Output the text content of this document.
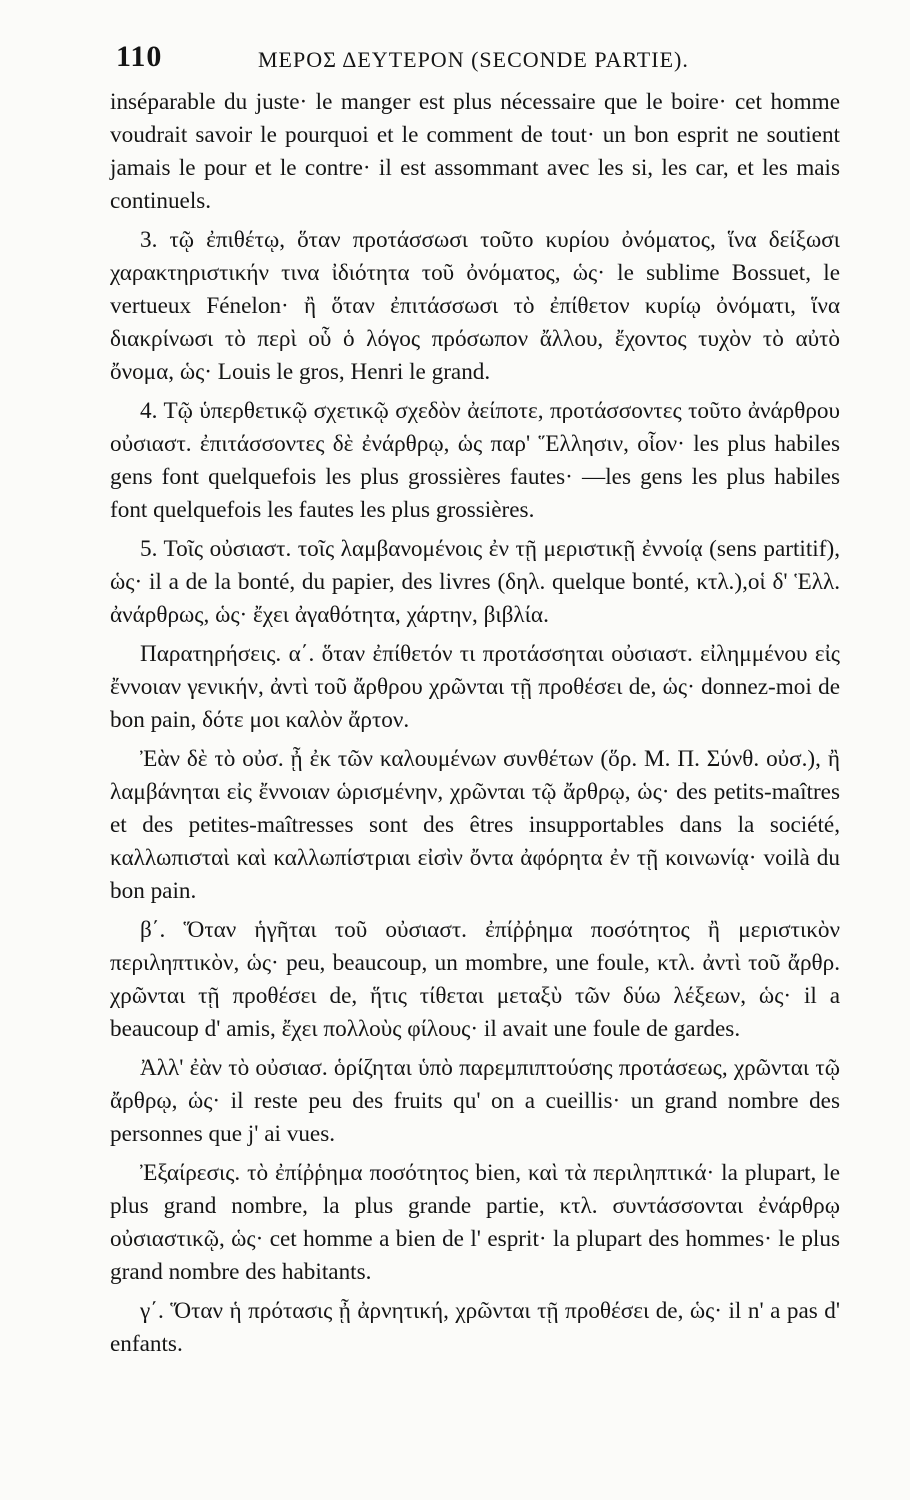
110	ΜΕΡΟΣ ΔΕΥΤΕΡΟΝ (SECONDE PARTIE).

inséparable du juste· le manger est plus nécessaire que le boire· cet homme voudrait savoir le pourquoi et le comment de tout· un bon esprit ne soutient jamais le pour et le contre· il est assommant avec les si, les car, et les mais continuels.

3. τῷ ἐπιθέτῳ, ὅταν προτάσσωσι τοῦτο κυρίου ὀνόματος, ἵνα δείξωσι χαρακτηριστικήν τινα ἰδιότητα τοῦ ὀνόματος, ὡς· le sublime Bossuet, le vertueux Fénelon· ἢ ὅταν ἐπιτάσσωσι τὸ ἐπίθετον κυρίῳ ὀνόματι, ἵνα διακρίνωσι τὸ περὶ οὗ ὁ λόγος πρόσωπον ἄλλου, ἔχοντος τυχὸν τὸ αὐτὸ ὄνομα, ὡς· Louis le gros, Henri le grand.

4. Τῷ ὑπερθετικῷ σχετικῷ σχεδὸν ἀείποτε, προτάσσοντες τοῦτο ἀνάρθρου οὐσιαστ. ἐπιτάσσοντες δὲ ἐνάρθρῳ, ὡς παρ' Ἕλλησιν, οἷον· les plus habiles gens font quelquefois les plus grossières fautes· —les gens les plus habiles font quelquefois les fautes les plus grossières.

5. Τοῖς οὐσιαστ. τοῖς λαμβανομένοις ἐν τῇ μεριστικῇ ἐννοίᾳ (sens partitif), ὡς· il a de la bonté, du papier, des livres (δηλ. quelque bonté, κτλ.),οἱ δ' Ἑλλ. ἀνάρθρως, ὡς· ἔχει ἀγαθότητα, χάρτην, βιβλία.

Παρατηρήσεις. α΄. ὅταν ἐπίθετόν τι προτάσσηται οὐσιαστ. εἰλημμένου εἰς ἔννοιαν γενικήν, ἀντὶ τοῦ ἄρθρου χρῶνται τῇ προθέσει de, ὡς· donnez-moi de bon pain, δότε μοι καλὸν ἄρτον.

Ἐὰν δὲ τὸ οὐσ. ᾖ ἐκ τῶν καλουμένων συνθέτων (ὅρ. Μ. Π. Σύνθ. οὐσ.), ἢ λαμβάνηται εἰς ἔννοιαν ὡρισμένην, χρῶνται τῷ ἄρθρῳ, ὡς· des petits-maîtres et des petites-maîtresses sont des êtres insupportables dans la société, καλλωπισταὶ καὶ καλλωπίστριαι εἰσὶν ὄντα ἀφόρητα ἐν τῇ κοινωνίᾳ· voilà du bon pain.

β΄. Ὅταν ἡγῆται τοῦ οὐσιαστ. ἐπίῤῥημα ποσότητος ἢ μεριστικὸν περιληπτικὸν, ὡς· peu, beaucoup, un mombre, une foule, κτλ. ἀντὶ τοῦ ἄρθρ. χρῶνται τῇ προθέσει de, ἥτις τίθεται μεταξὺ τῶν δύω λέξεων, ὡς· il a beaucoup d' amis, ἔχει πολλοὺς φίλους· il avait une foule de gardes.

Ἀλλ' ἐὰν τὸ οὐσιασ. ὁρίζηται ὑπὸ παρεμπιπτούσης προτάσεως, χρῶνται τῷ ἄρθρῳ, ὡς· il reste peu des fruits qu' on a cueillis· un grand nombre des personnes que j' ai vues.

Ἐξαίρεσις. τὸ ἐπίῤῥημα ποσότητος bien, καὶ τὰ περιληπτικά· la plupart, le plus grand nombre, la plus grande partie, κτλ. συντάσσονται ἐνάρθρῳ οὐσιαστικῷ, ὡς· cet homme a bien de l' esprit· la plupart des hommes· le plus grand nombre des habitants.

γ΄. Ὅταν ἡ πρότασις ᾖ ἀρνητική, χρῶνται τῇ προθέσει de, ὡς· il n' a pas d' enfants.
